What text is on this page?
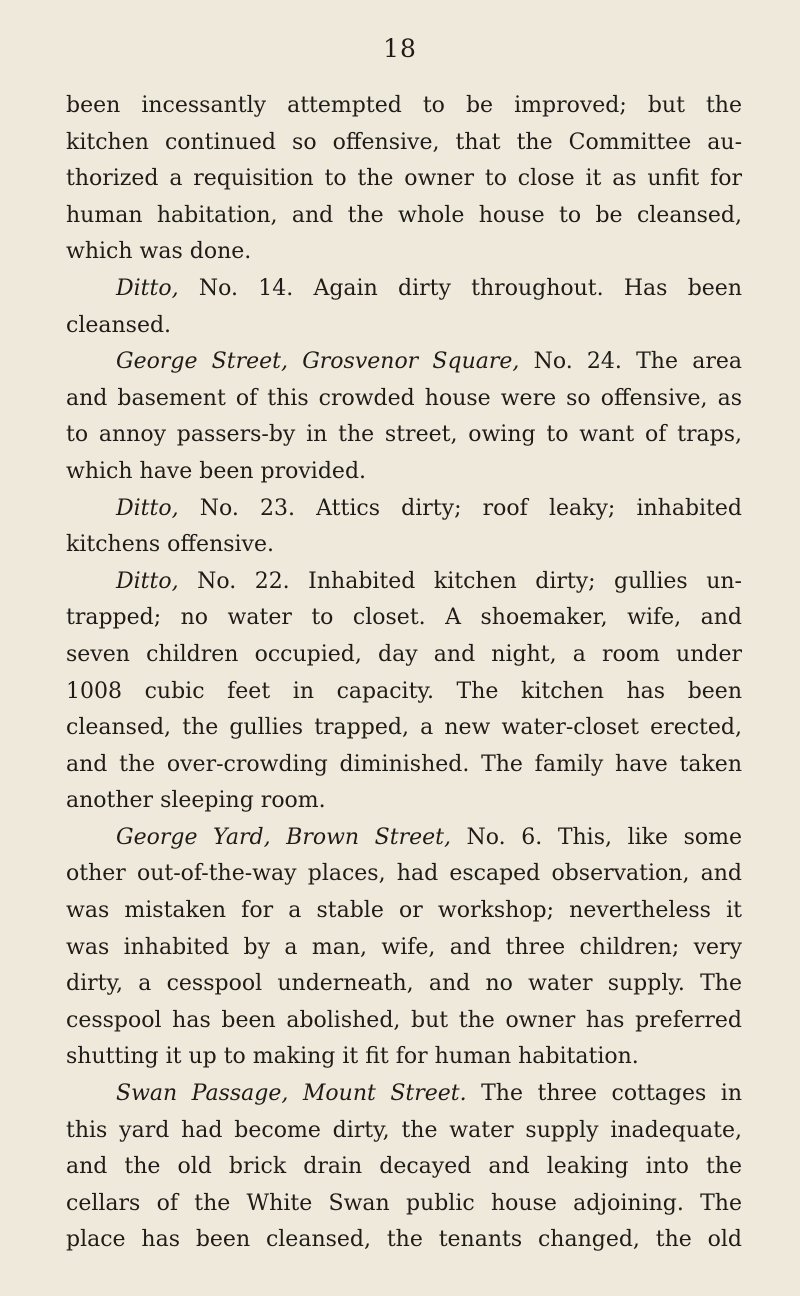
18
been incessantly attempted to be improved; but the
kitchen continued so offensive, that the Committee au-
thorized a requisition to the owner to close it as unfit for
human habitation, and the whole house to be cleansed,
which was done.
Ditto, No. 14. Again dirty throughout. Has been
cleansed.
George Street, Grosvenor Square, No. 24. The area
and basement of this crowded house were so offensive, as
to annoy passers-by in the street, owing to want of traps,
which have been provided.
Ditto, No. 23. Attics dirty; roof leaky; inhabited
kitchens offensive.
Ditto, No. 22. Inhabited kitchen dirty; gullies un-
trapped; no water to closet. A shoemaker, wife, and
seven children occupied, day and night, a room under
1008 cubic feet in capacity. The kitchen has been
cleansed, the gullies trapped, a new water-closet erected,
and the over-crowding diminished. The family have taken
another sleeping room.
George Yard, Brown Street, No. 6. This, like some
other out-of-the-way places, had escaped observation, and
was mistaken for a stable or workshop; nevertheless it
was inhabited by a man, wife, and three children; very
dirty, a cesspool underneath, and no water supply. The
cesspool has been abolished, but the owner has preferred
shutting it up to making it fit for human habitation.
Swan Passage, Mount Street. The three cottages in
this yard had become dirty, the water supply inadequate,
and the old brick drain decayed and leaking into the
cellars of the White Swan public house adjoining. The
place has been cleansed, the tenants changed, the old
